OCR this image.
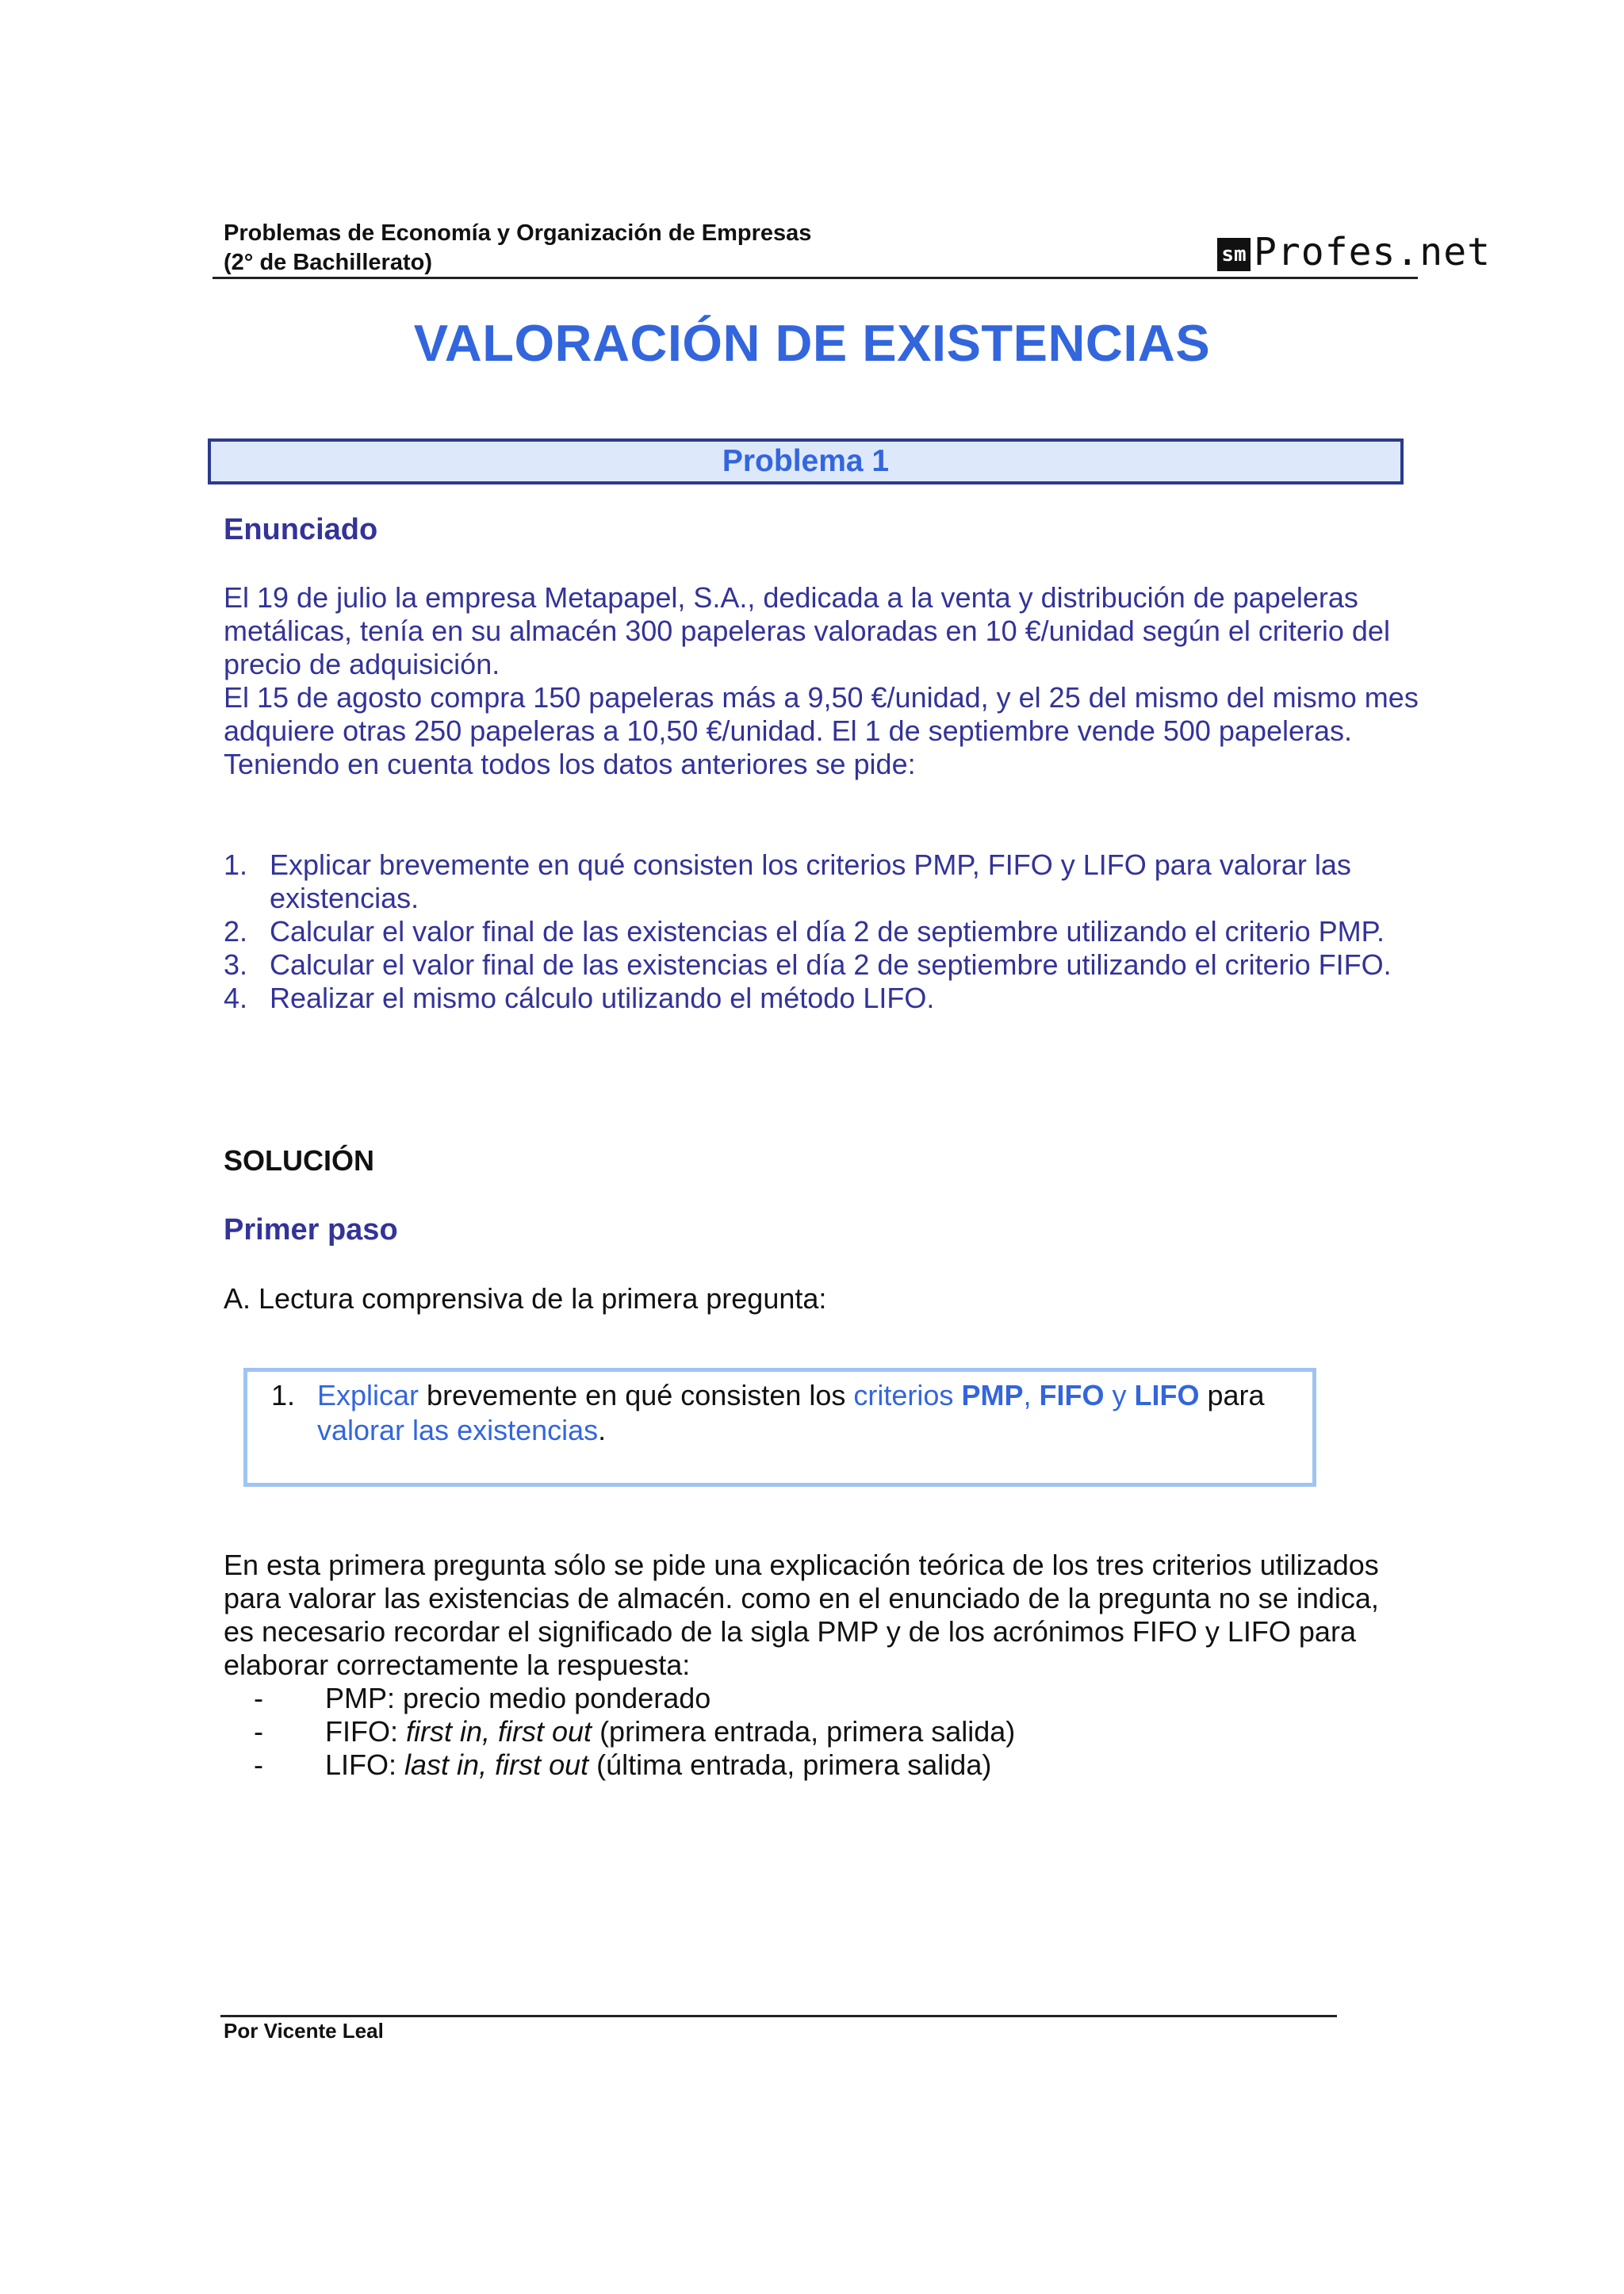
Problemas de Economía y Organización de Empresas
(2° de Bachillerato)	sm Profes.net
VALORACIÓN DE EXISTENCIAS
Problema 1
Enunciado

El 19 de julio la empresa Metapapel, S.A., dedicada a la venta y distribución de papeleras metálicas, tenía en su almacén 300 papeleras valoradas en 10 €/unidad según el criterio del precio de adquisición.

El 15 de agosto compra 150 papeleras más a 9,50 €/unidad, y el 25 del mismo del mismo mes adquiere otras 250 papeleras a 10,50 €/unidad. El 1 de septiembre vende 500 papeleras.

Teniendo en cuenta todos los datos anteriores se pide:

1. Explicar brevemente en qué consisten los criterios PMP, FIFO y LIFO para valorar las existencias.
2. Calcular el valor final de las existencias el día 2 de septiembre utilizando el criterio PMP.
3. Calcular el valor final de las existencias el día 2 de septiembre utilizando el criterio FIFO.
4. Realizar el mismo cálculo utilizando el método LIFO.
SOLUCIÓN
Primer paso
A. Lectura comprensiva de la primera pregunta:
1. Explicar brevemente en qué consisten los criterios PMP, FIFO y LIFO para valorar las existencias.
En esta primera pregunta sólo se pide una explicación teórica de los tres criterios utilizados para valorar las existencias de almacén. como en el enunciado de la pregunta no se indica, es necesario recordar el significado de la sigla PMP y de los acrónimos FIFO y LIFO para elaborar correctamente la respuesta:
-	PMP: precio medio ponderado
-	FIFO: first in, first out (primera entrada, primera salida)
-	LIFO: last in, first out (última entrada, primera salida)
Por Vicente Leal
